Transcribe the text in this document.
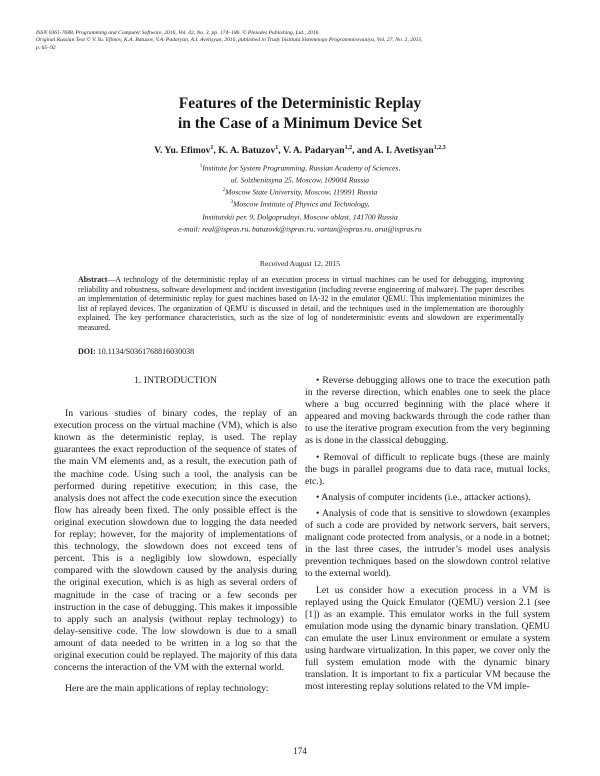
ISSN 0361-7688, Programming and Computer Software, 2016, Vol. 42, No. 3, pp. 174–186. © Pleiades Publishing, Ltd., 2016.
Original Russian Text © V. Yu. Efimov, K.A. Batuzov, V.A. Padaryan, A.I. Avetisyan, 2016, published in Trudy Instituta Sistemnogo Programmirovaniya, Vol. 27, No. 2, 2015,
p. 65–92
Features of the Deterministic Replay
in the Case of a Minimum Device Set
V. Yu. Efimov$^1$, K. A. Batuzov$^1$, V. A. Padaryan$^{1,2}$, and A. I. Avetisyan$^{1,2,3}$
$^1$Institute for System Programming, Russian Academy of Sciences,
ul. Solzhenitsyna 25, Moscow, 109004 Russia
$^2$Moscow State University, Moscow, 119991 Russia
$^3$Moscow Institute of Physics and Technology,
Institutskii per. 9, Dolgoprudnyi, Moscow oblast, 141700 Russia
e-mail: real@ispras.ru, batuzovk@ispras.ru, vartan@ispras.ru, arut@ispras.ru
Received August 12, 2015
Abstract—A technology of the deterministic replay of an execution process in virtual machines can be used for debugging, improving reliability and robustness, software development and incident investigation (including reverse engineering of malware). The paper describes an implementation of deterministic replay for guest machines based on IA-32 in the emulator QEMU. This implementation minimizes the list of replayed devices. The organization of QEMU is discussed in detail, and the techniques used in the implementation are thoroughly explained. The key performance characteristics, such as the size of log of nondeterministic events and slowdown are experimentally measured.
DOI: 10.1134/S0361768816030038
1. INTRODUCTION

In various studies of binary codes, the replay of an execution process on the virtual machine (VM), which is also known as the deterministic replay, is used. The replay guarantees the exact reproduction of the sequence of states of the main VM elements and, as a result, the execution path of the machine code. Using such a tool, the analysis can be performed during repetitive execution; in this case, the analysis does not affect the code execution since the execution flow has already been fixed. The only possible effect is the original execution slowdown due to logging the data needed for replay; however, for the majority of implementations of this technology, the slowdown does not exceed tens of percent. This is a negligibly low slowdown, especially compared with the slowdown caused by the analysis during the original execution, which is as high as several orders of magnitude in the case of tracing or a few seconds per instruction in the case of debugging. This makes it impossible to apply such an analysis (without replay technology) to delay-sensitive code. The low slowdown is due to a small amount of data needed to be written in a log so that the original execution could be replayed. The majority of this data concerns the interaction of the VM with the external world.

Here are the main applications of replay technology:

• Reverse debugging allows one to trace the execution path in the reverse direction, which enables one to seek the place where a bug occurred beginning with the place where it appeared and moving backwards through the code rather than to use the iterative program execution from the very beginning as is done in the classical debugging.

• Removal of difficult to replicate bugs (these are mainly the bugs in parallel programs due to data race, mutual locks, etc.).

• Analysis of computer incidents (i.e., attacker actions).

• Analysis of code that is sensitive to slowdown (examples of such a code are provided by network servers, bait servers, malignant code protected from analysis, or a node in a botnet; in the last three cases, the intruder’s model uses analysis prevention techniques based on the slowdown control relative to the external world).

Let us consider how a execution process in a VM is replayed using the Quick Emulator (QEMU) version 2.1 (see [1]) as an example. This emulator works in the full system emulation mode using the dynamic binary translation. QEMU can emulate the user Linux environment or emulate a system using hardware virtualization. In this paper, we cover only the full system emulation mode with the dynamic binary translation. It is important to fix a particular VM because the most interesting replay solutions related to the VM imple-

174
